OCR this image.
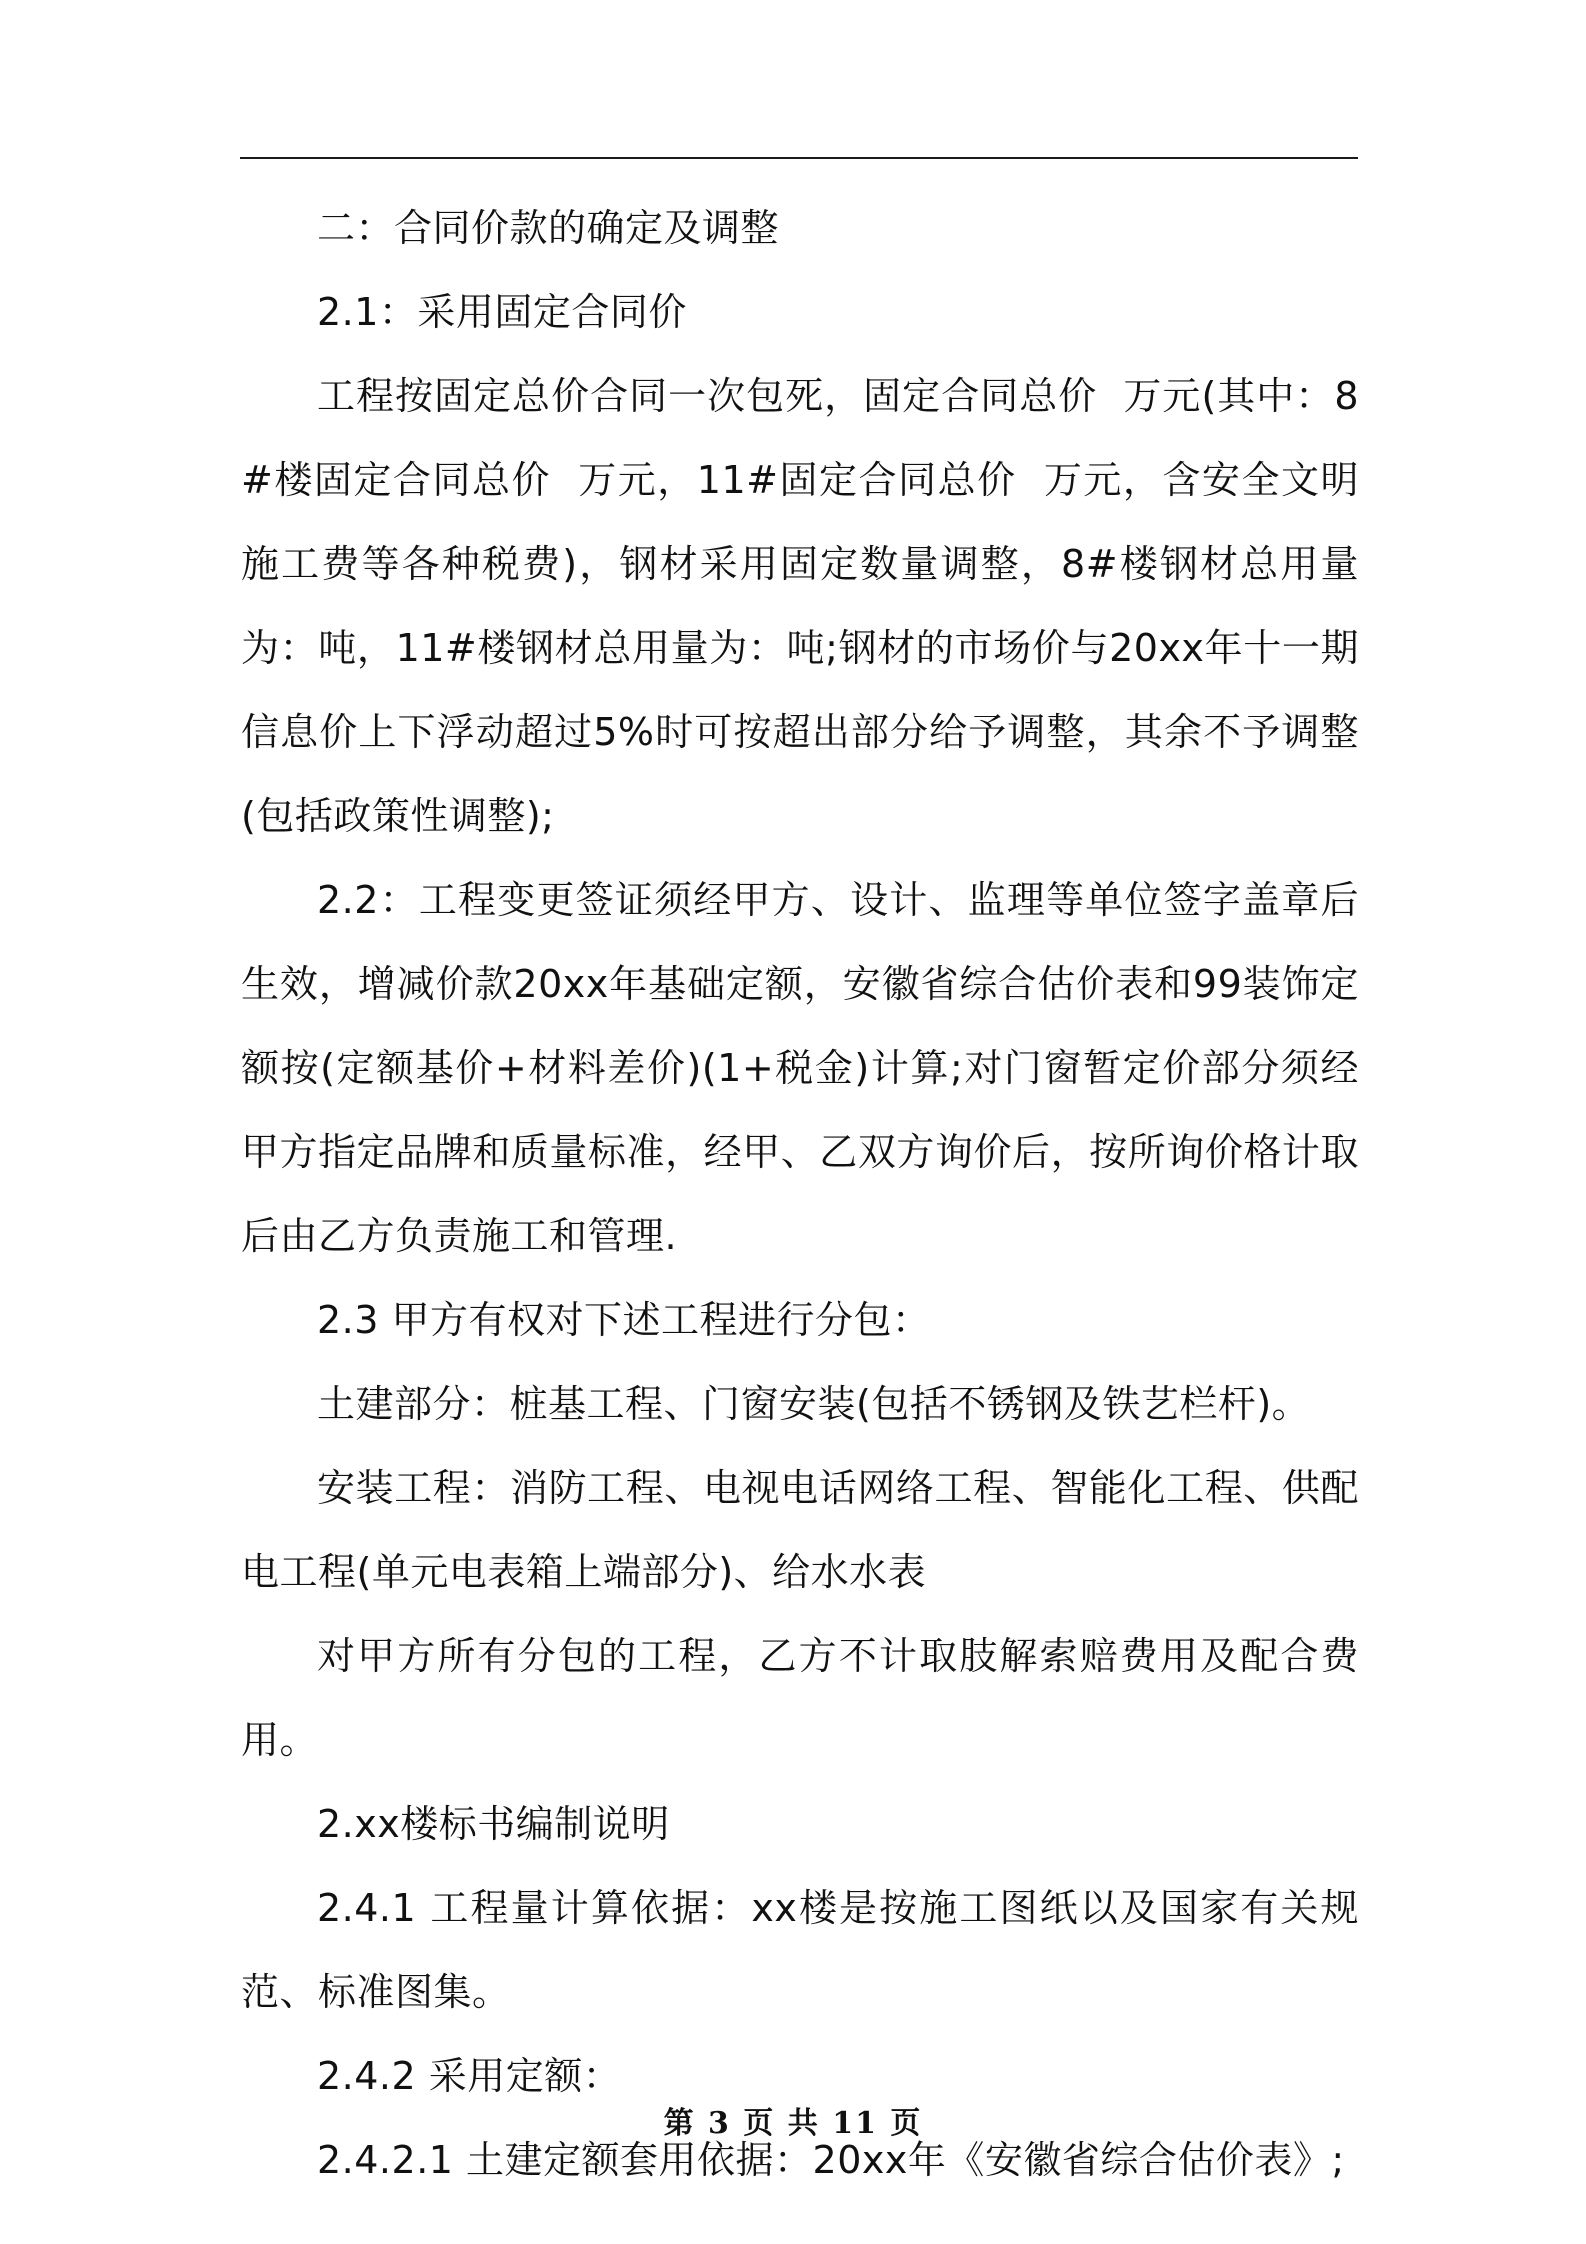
二：合同价款的确定及调整

2.1：采用固定合同价

工程按固定总价合同一次包死，固定合同总价  万元(其中：8#楼固定合同总价  万元，11#固定合同总价  万元，含安全文明施工费等各种税费)，钢材采用固定数量调整，8#楼钢材总用量为：吨，11#楼钢材总用量为：吨;钢材的市场价与20xx年十一期信息价上下浮动超过5%时可按超出部分给予调整，其余不予调整(包括政策性调整);

2.2：工程变更签证须经甲方、设计、监理等单位签字盖章后生效，增减价款20xx年基础定额，安徽省综合估价表和99装饰定额按(定额基价+材料差价)(1+税金)计算;对门窗暂定价部分须经甲方指定品牌和质量标准，经甲、乙双方询价后，按所询价格计取后由乙方负责施工和管理.

2.3 甲方有权对下述工程进行分包：

土建部分：桩基工程、门窗安装(包括不锈钢及铁艺栏杆)。

安装工程：消防工程、电视电话网络工程、智能化工程、供配电工程(单元电表箱上端部分)、给水水表

对甲方所有分包的工程，乙方不计取肢解索赔费用及配合费用。

2.xx楼标书编制说明

2.4.1 工程量计算依据：xx楼是按施工图纸以及国家有关规范、标准图集。

2.4.2 采用定额：

2.4.2.1 土建定额套用依据：20xx年《安徽省综合估价表》;

第 3 页 共 11 页
